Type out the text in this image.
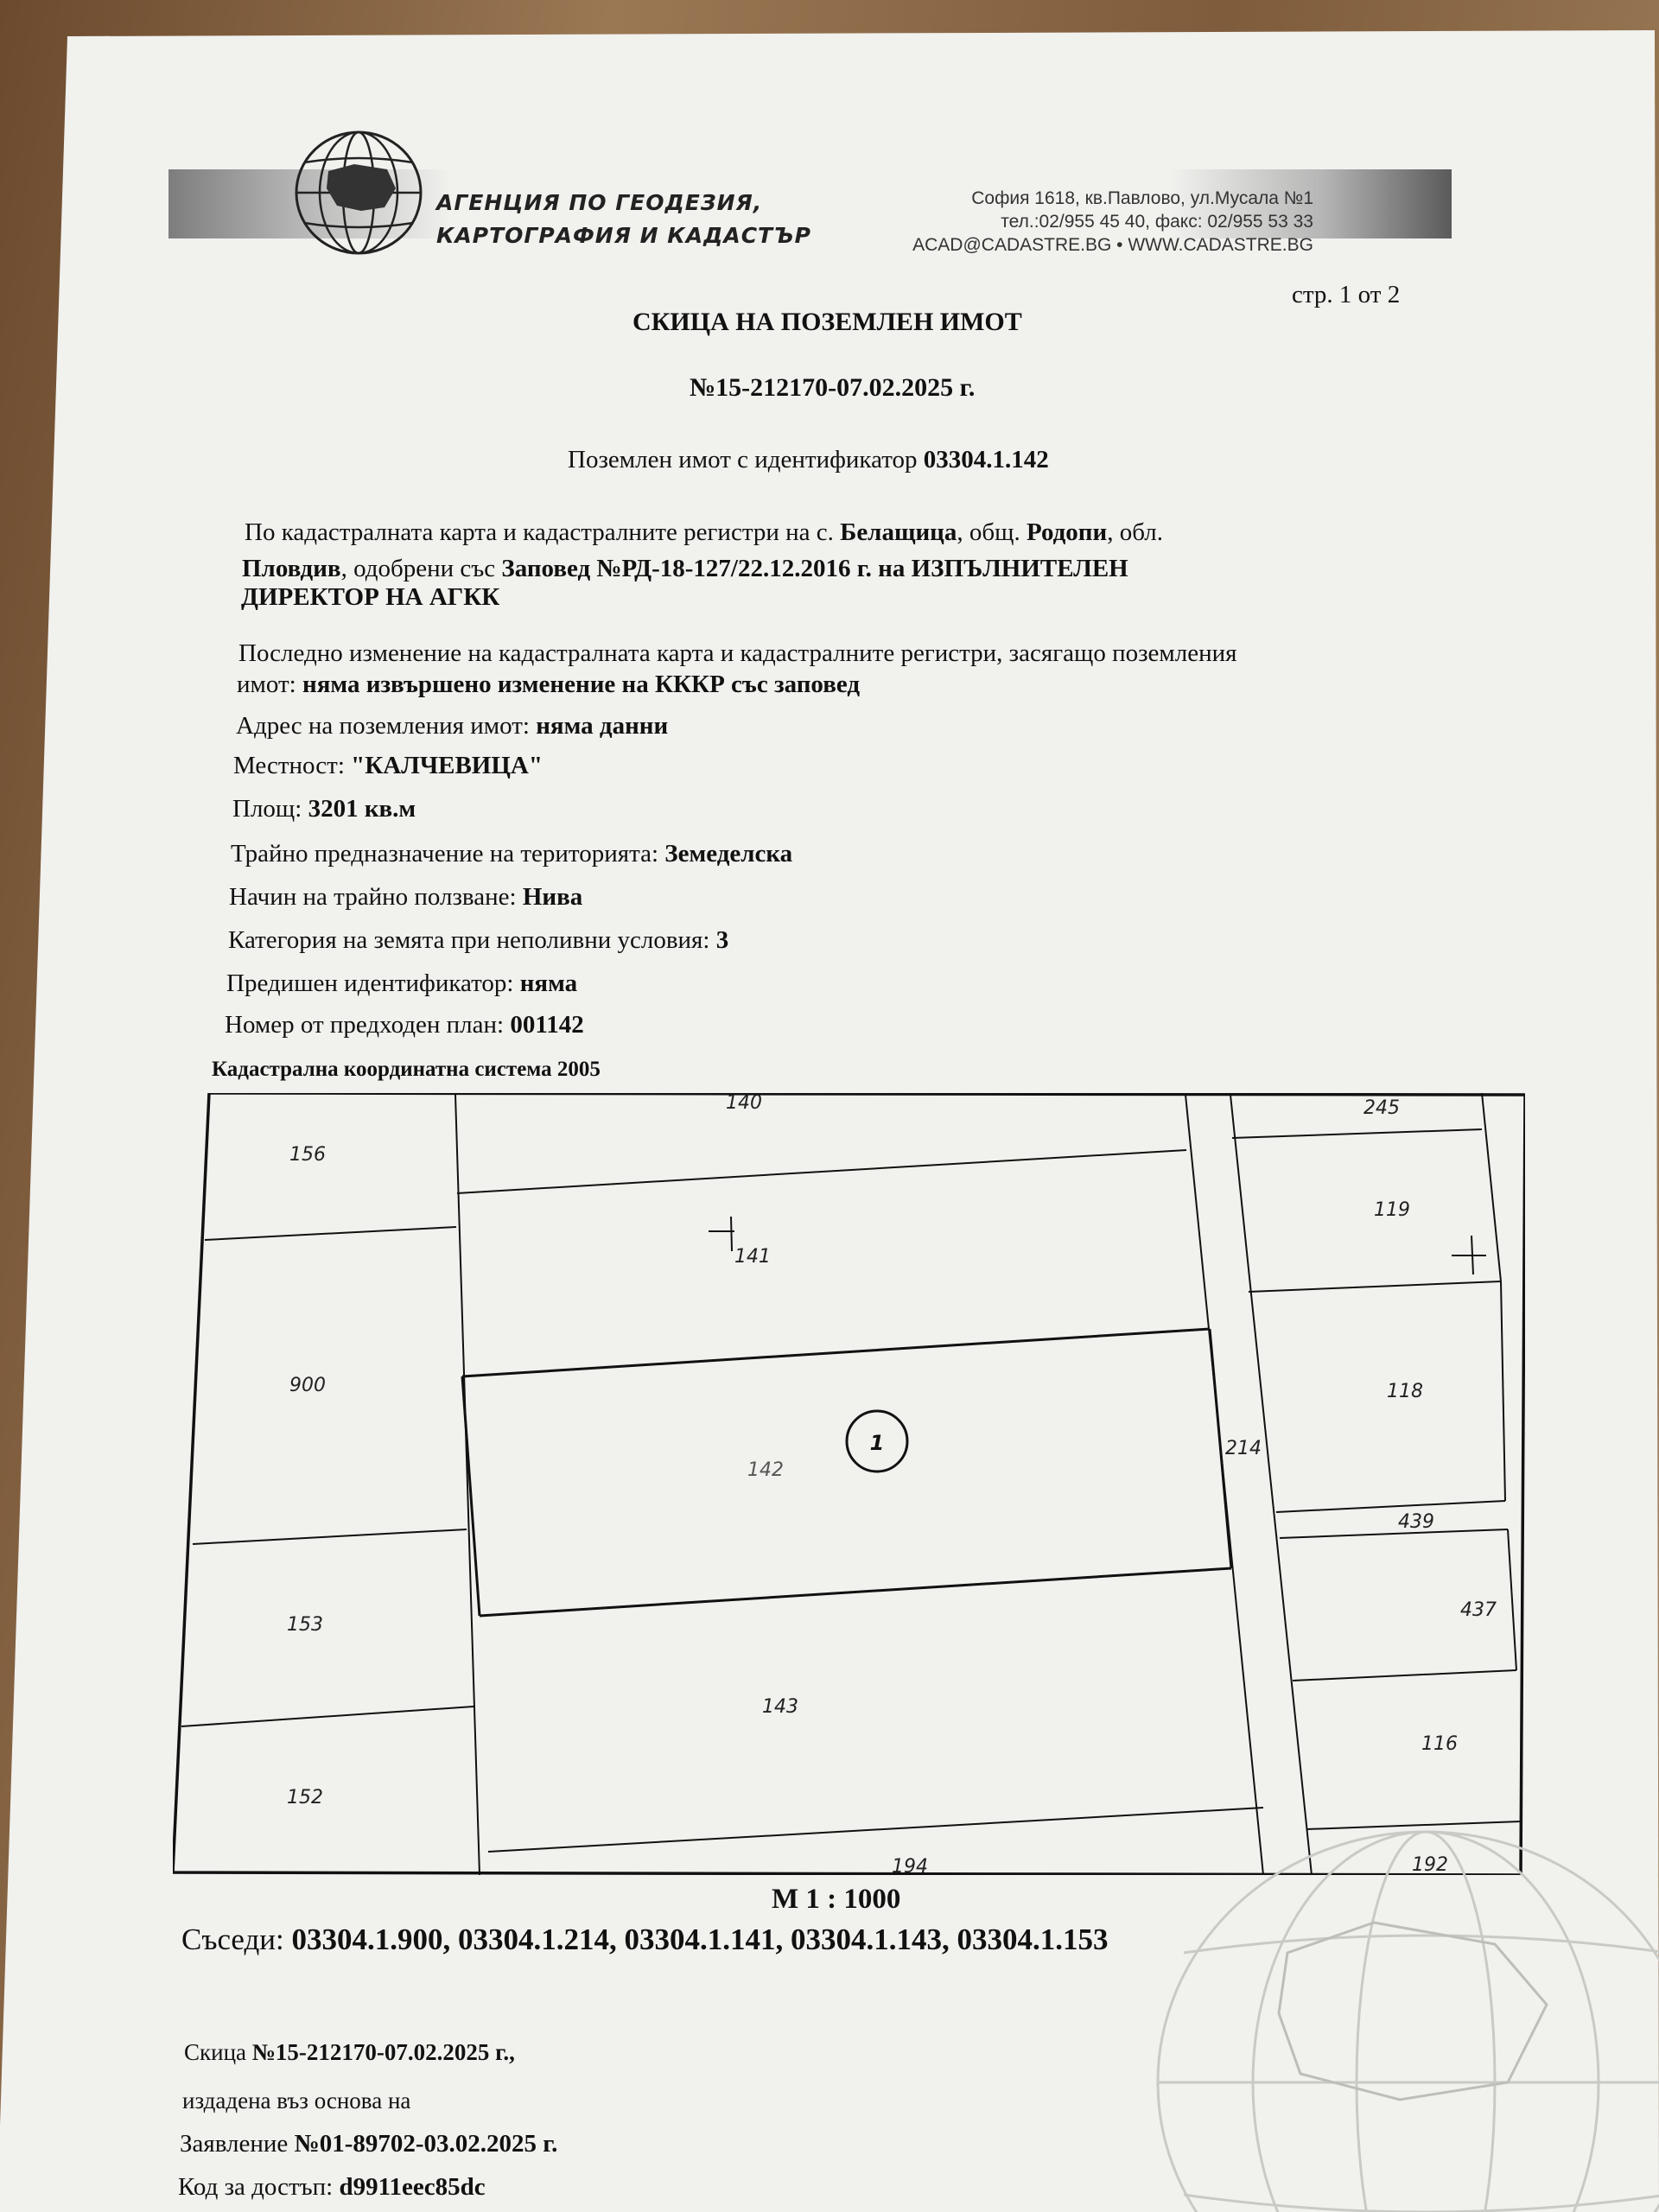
АГЕНЦИЯ ПО ГЕОДЕЗИЯ,
КАРТОГРАФИЯ И КАДАСТЪР
София 1618, кв.Павлово, ул.Мусала №1
тел.:02/955 45 40, факс: 02/955 53 33
ACAD@CADASTRE.BG • WWW.CADASTRE.BG
стр. 1 от 2
СКИЦА НА ПОЗЕМЛЕН ИМОТ
№15-212170-07.02.2025 г.
Поземлен имот с идентификатор 03304.1.142
По кадастралната карта и кадастралните регистри на с. Белащица, общ. Родопи, обл.
Пловдив, одобрени със Заповед №РД-18-127/22.12.2016 г. на ИЗПЪЛНИТЕЛЕН
ДИРЕКТОР НА АГКК
Последно изменение на кадастралната карта и кадастралните регистри, засягащо поземления
имот: няма извършено изменение на КККР със заповед
Адрес на поземления имот: няма данни
Местност: "КАЛЧЕВИЦА"
Площ: 3201 кв.м
Трайно предназначение на територията: Земеделска
Начин на трайно ползване: Нива
Категория на земята при неполивни условия: 3
Предишен идентификатор: няма
Номер от предходен план: 001142
Кадастрална координатна система 2005
1
156
900
153
152
140
141
142
143
194
214
245
119
118
439
437
116
192
М 1 : 1000
Съседи: 03304.1.900, 03304.1.214, 03304.1.141, 03304.1.143, 03304.1.153
Скица №15-212170-07.02.2025 г.,
издадена въз основа на
Заявление №01-89702-03.02.2025 г.
Код за достъп: d9911eec85dc
